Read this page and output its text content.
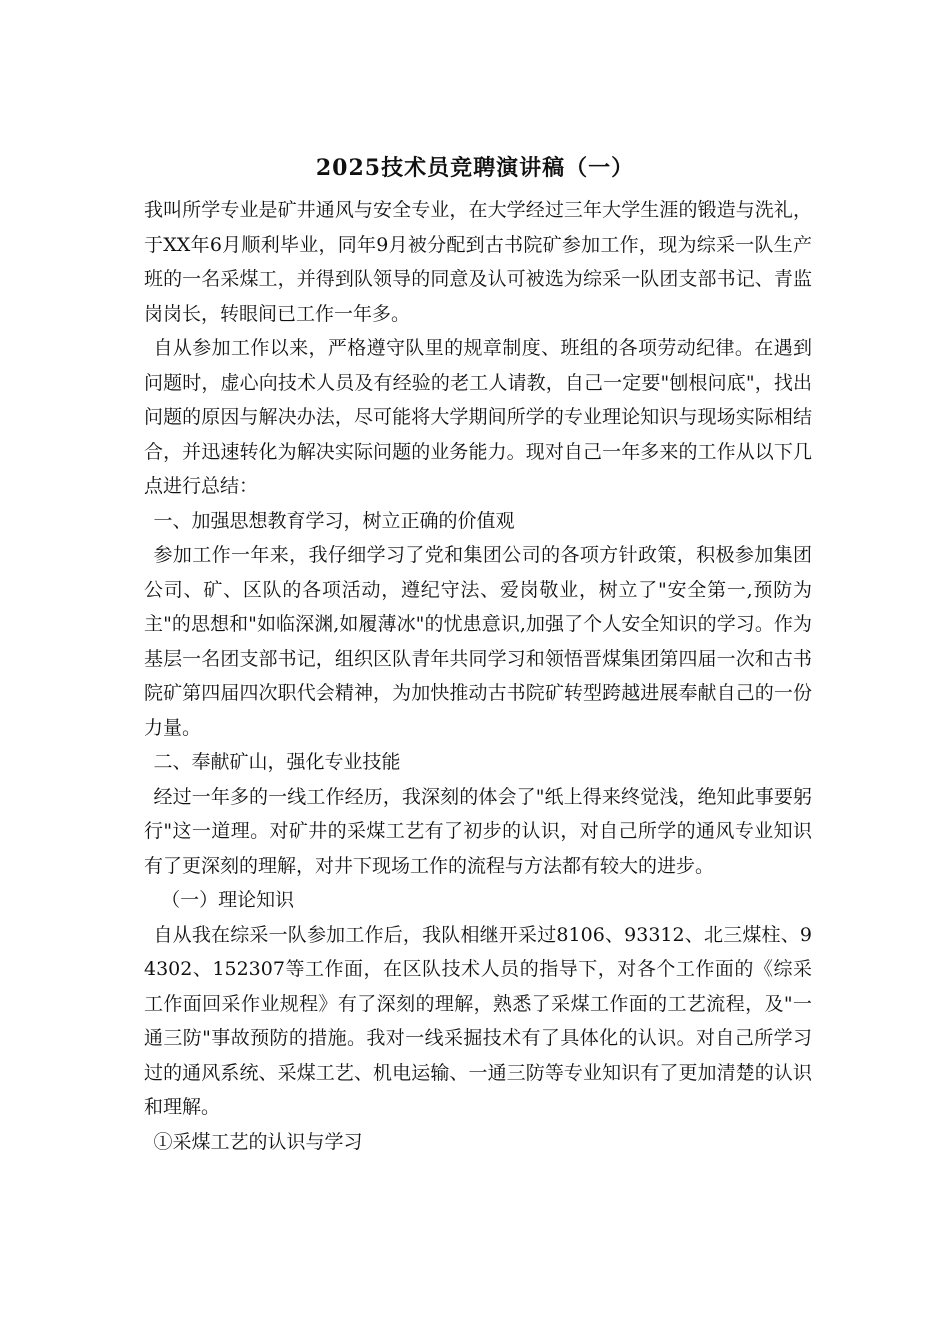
2025技术员竞聘演讲稿（一）

我叫所学专业是矿井通风与安全专业，在大学经过三年大学生涯的锻造与洗礼，于XX年6月顺利毕业，同年9月被分配到古书院矿参加工作，现为综采一队生产班的一名采煤工，并得到队领导的同意及认可被选为综采一队团支部书记、青监岗岗长，转眼间已工作一年多。

自从参加工作以来，严格遵守队里的规章制度、班组的各项劳动纪律。在遇到问题时，虚心向技术人员及有经验的老工人请教，自己一定要"刨根问底"，找出问题的原因与解决办法，尽可能将大学期间所学的专业理论知识与现场实际相结合，并迅速转化为解决实际问题的业务能力。现对自己一年多来的工作从以下几点进行总结：

一、加强思想教育学习，树立正确的价值观

参加工作一年来，我仔细学习了党和集团公司的各项方针政策，积极参加集团公司、矿、区队的各项活动，遵纪守法、爱岗敬业，树立了"安全第一,预防为主"的思想和"如临深渊,如履薄冰"的忧患意识,加强了个人安全知识的学习。作为基层一名团支部书记，组织区队青年共同学习和领悟晋煤集团第四届一次和古书院矿第四届四次职代会精神，为加快推动古书院矿转型跨越进展奉献自己的一份力量。

二、奉献矿山，强化专业技能

经过一年多的一线工作经历，我深刻的体会了"纸上得来终觉浅，绝知此事要躬行"这一道理。对矿井的采煤工艺有了初步的认识，对自己所学的通风专业知识有了更深刻的理解，对井下现场工作的流程与方法都有较大的进步。

（一）理论知识

自从我在综采一队参加工作后，我队相继开采过8106、93312、北三煤柱、94302、152307等工作面，在区队技术人员的指导下，对各个工作面的《综采工作面回采作业规程》有了深刻的理解，熟悉了采煤工作面的工艺流程，及"一通三防"事故预防的措施。我对一线采掘技术有了具体化的认识。对自己所学习过的通风系统、采煤工艺、机电运输、一通三防等专业知识有了更加清楚的认识和理解。

①采煤工艺的认识与学习
